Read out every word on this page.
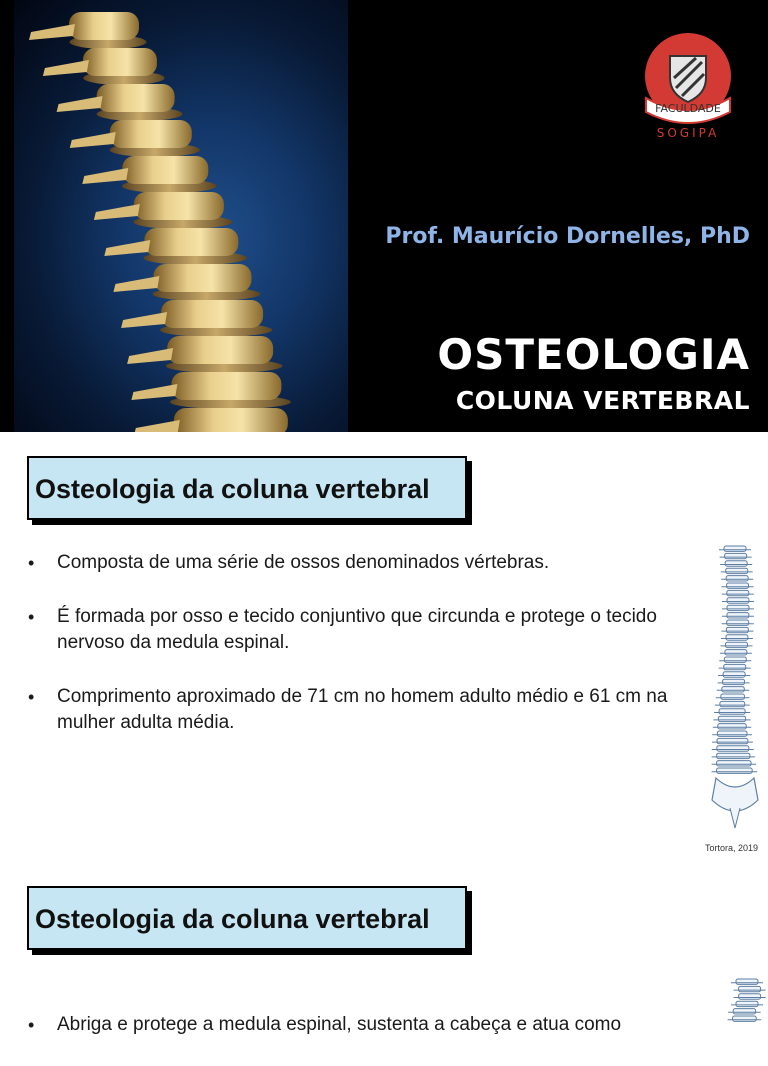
FACULDADE
SOGIPA
Prof. Maurício Dornelles, PhD
OSTEOLOGIA
COLUNA VERTEBRAL
Osteologia da coluna vertebral
• Composta de uma série de ossos denominados vértebras.
• É formada por osso e tecido conjuntivo que circunda e protege o tecido nervoso da medula espinal.
• Comprimento aproximado de 71 cm no homem adulto médio e 61 cm na mulher adulta média.
Tortora, 2019
Osteologia da coluna vertebral
• Abriga e protege a medula espinal, sustenta a cabeça e atua como
